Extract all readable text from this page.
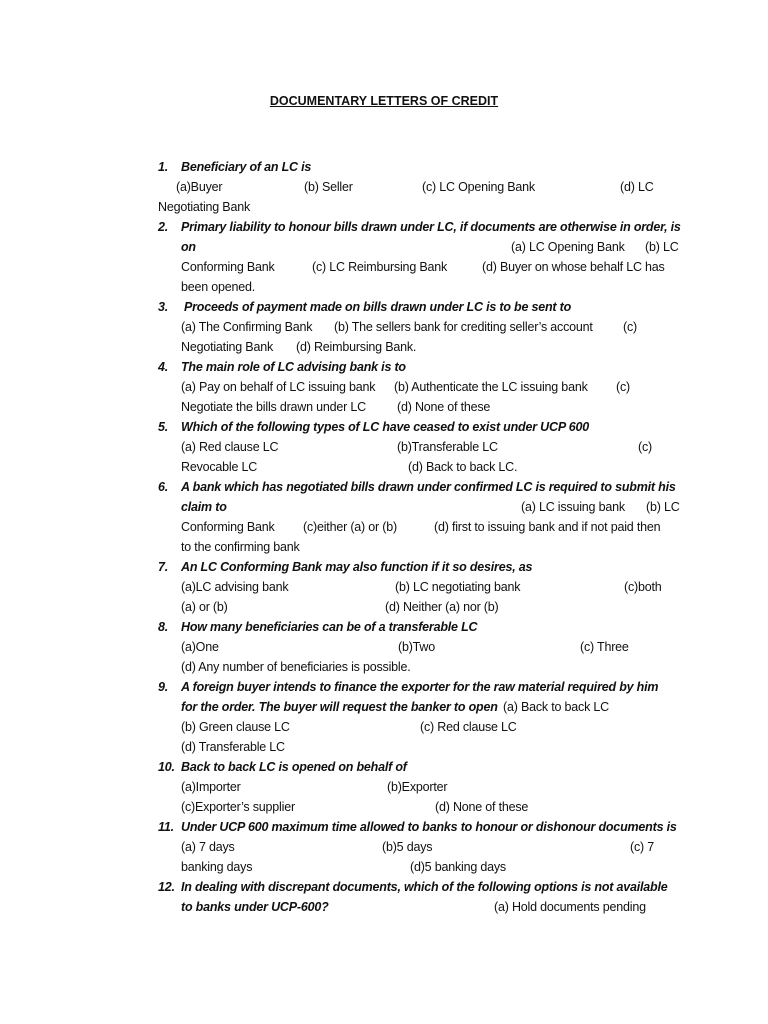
DOCUMENTARY LETTERS OF CREDIT
1. Beneficiary of an LC is
(a)Buyer	(b) Seller	(c) LC Opening Bank	(d) LC
Negotiating Bank
2. Primary liability to honour bills drawn under LC, if documents are otherwise in order, is
on	(a) LC Opening Bank (b) LC
Conforming Bank	(c) LC Reimbursing Bank	(d) Buyer on whose behalf LC has
been opened.
3. Proceeds of payment made on bills drawn under LC is to be sent to
(a) The Confirming Bank (b) The sellers bank for crediting seller’s account (c)
Negotiating Bank (d) Reimbursing Bank.
4. The main role of LC advising bank is to
(a) Pay on behalf of LC issuing bank (b) Authenticate the LC issuing bank (c)
Negotiate the bills drawn under LC (d) None of these
5. Which of the following types of LC have ceased to exist under UCP 600
(a) Red clause LC	(b)Transferable LC	(c)
Revocable LC	(d) Back to back LC.
6. A bank which has negotiated bills drawn under confirmed LC is required to submit his
claim to	(a) LC issuing bank (b) LC
Conforming Bank (c)either (a) or (b)	(d) first to issuing bank and if not paid then
to the confirming bank
7. An LC Conforming Bank may also function if it so desires, as
(a)LC advising bank	(b) LC negotiating bank	(c)both
(a) or (b)	(d) Neither (a) nor (b)
8. How many beneficiaries can be of a transferable LC
(a)One	(b)Two	(c) Three
(d) Any number of beneficiaries is possible.
9. A foreign buyer intends to finance the exporter for the raw material required by him
for the order. The buyer will request the banker to open (a) Back to back LC
(b) Green clause LC	(c) Red clause LC
(d) Transferable LC
10. Back to back LC is opened on behalf of
(a)Importer	(b)Exporter
(c)Exporter’s supplier	(d) None of these
11. Under UCP 600 maximum time allowed to banks to honour or dishonour documents is
(a) 7 days	(b)5 days	(c) 7
banking days	(d)5 banking days
12. In dealing with discrepant documents, which of the following options is not available
to banks under UCP-600?	(a) Hold documents pending
